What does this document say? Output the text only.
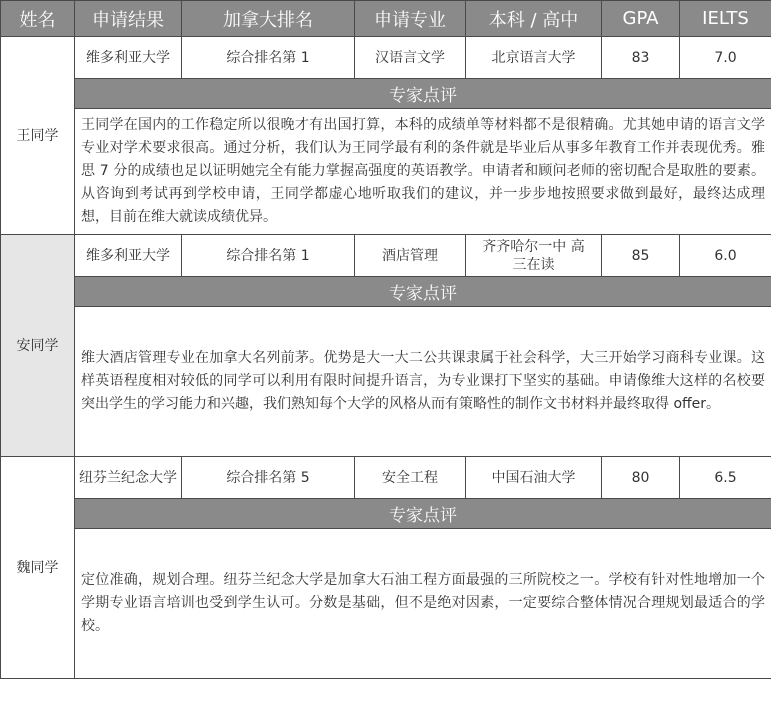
姓名	申请结果	加拿大排名	申请专业	本科 / 高中	GPA	IELTS
王同学	维多利亚大学	综合排名第 1	汉语言文学	北京语言大学	83	7.0
	专家点评					
	王同学在国内的工作稳定所以很晚才有出国打算，本科的成绩单等材料都不是很精确。尤其她申请的语言文学专业对学术要求很高。通过分析，我们认为王同学最有利的条件就是毕业后从事多年教育工作并表现优秀。雅思 7 分的成绩也足以证明她完全有能力掌握高强度的英语教学。申请者和顾问老师的密切配合是取胜的要素。从咨询到考试再到学校申请，王同学都虚心地听取我们的建议，并一步步地按照要求做到最好，最终达成理想，目前在维大就读成绩优异。					
安同学	维多利亚大学	综合排名第 1	酒店管理	齐齐哈尔一中 高三在读	85	6.0
	专家点评					
	维大酒店管理专业在加拿大名列前茅。优势是大一大二公共课隶属于社会科学，大三开始学习商科专业课。这样英语程度相对较低的同学可以利用有限时间提升语言，为专业课打下坚实的基础。申请像维大这样的名校要突出学生的学习能力和兴趣，我们熟知每个大学的风格从而有策略性的制作文书材料并最终取得 offer。					
魏同学	纽芬兰纪念大学	综合排名第 5	安全工程	中国石油大学	80	6.5
	专家点评					
	定位准确，规划合理。纽芬兰纪念大学是加拿大石油工程方面最强的三所院校之一。学校有针对性地增加一个学期专业语言培训也受到学生认可。分数是基础，但不是绝对因素，一定要综合整体情况合理规划最适合的学校。					
